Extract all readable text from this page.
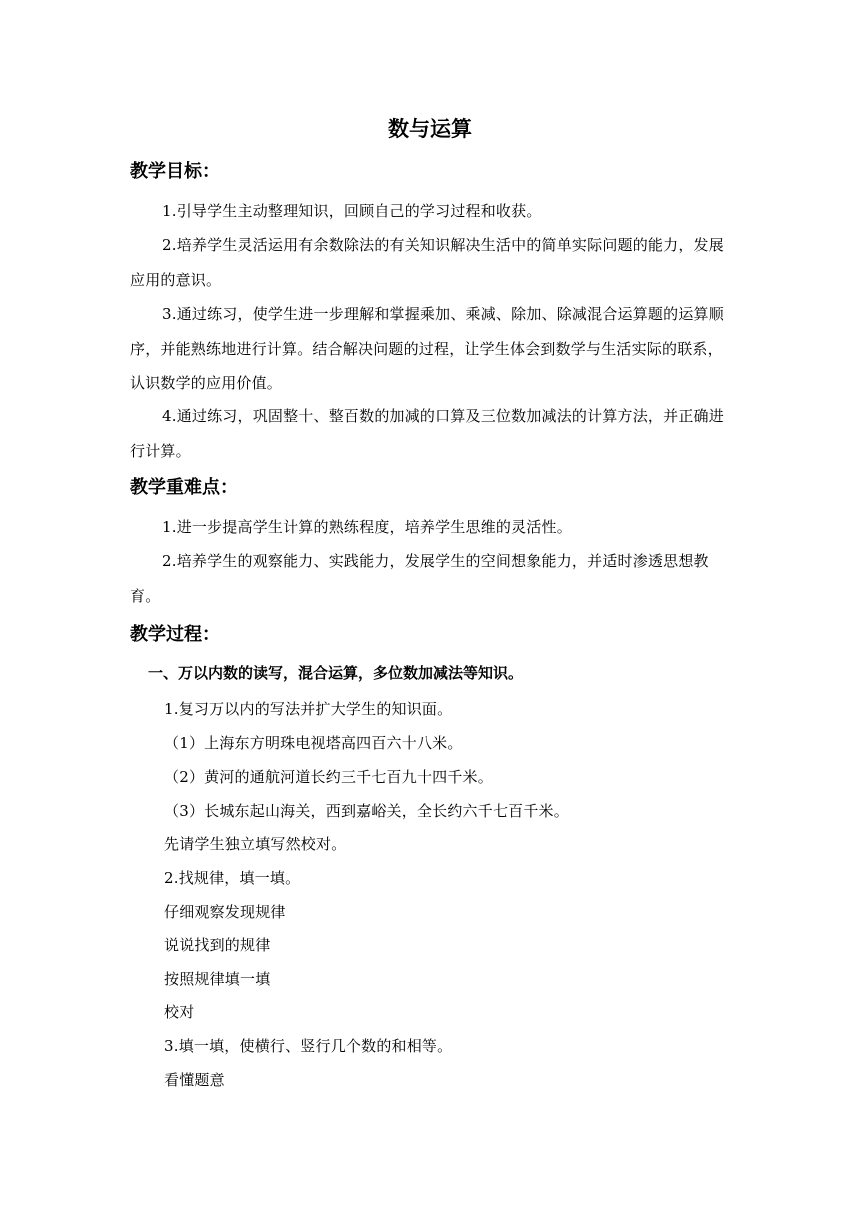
数与运算
教学目标：
1.引导学生主动整理知识，回顾自己的学习过程和收获。
2.培养学生灵活运用有余数除法的有关知识解决生活中的简单实际问题的能力，发展应用的意识。
3.通过练习，使学生进一步理解和掌握乘加、乘减、除加、除减混合运算题的运算顺序，并能熟练地进行计算。结合解决问题的过程，让学生体会到数学与生活实际的联系，认识数学的应用价值。
4.通过练习，巩固整十、整百数的加减的口算及三位数加减法的计算方法，并正确进行计算。
教学重难点：
1.进一步提高学生计算的熟练程度，培养学生思维的灵活性。
2.培养学生的观察能力、实践能力，发展学生的空间想象能力，并适时渗透思想教育。
教学过程：
一、万以内数的读写，混合运算，多位数加减法等知识。
1.复习万以内的写法并扩大学生的知识面。
（1）上海东方明珠电视塔高四百六十八米。
（2）黄河的通航河道长约三千七百九十四千米。
（3）长城东起山海关，西到嘉峪关，全长约六千七百千米。
先请学生独立填写然校对。
2.找规律，填一填。
仔细观察发现规律
说说找到的规律
按照规律填一填
校对
3.填一填，使横行、竖行几个数的和相等。
看懂题意
